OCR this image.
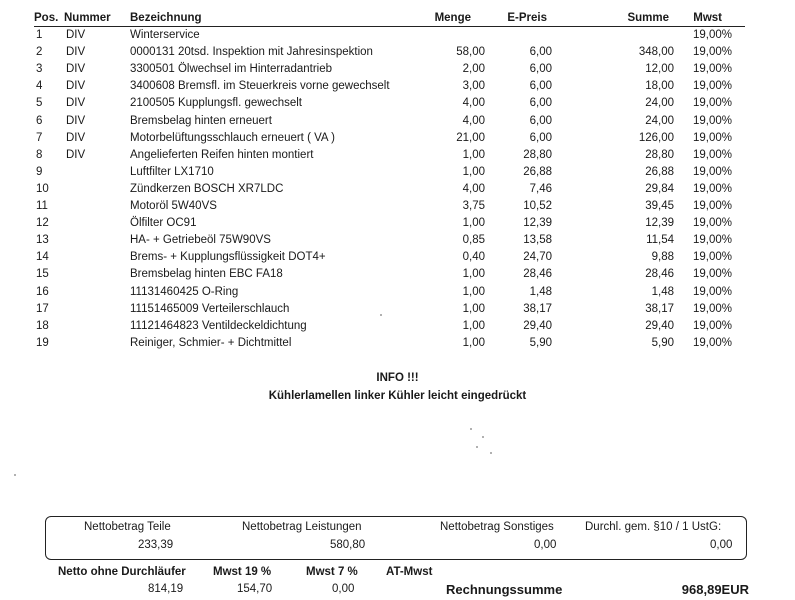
Pos. Nummer Bezeichnung	Menge	E-Preis	Summe Mwst
1 DIV	Winterservice	19,00%
2 DIV	0000131 20tsd. Inspektion mit Jahresinspektion	58,00	6,00	348,00 19,00%
3 DIV	3300501 Ölwechsel im Hinterradantrieb	2,00	6,00	12,00 19,00%
4 DIV	3400608 Bremsfl. im Steuerkreis vorne gewechselt	3,00	6,00	18,00 19,00%
5 DIV	2100505 Kupplungsfl. gewechselt	4,00	6,00	24,00 19,00%
6 DIV	Bremsbelag hinten erneuert	4,00	6,00	24,00 19,00%
7 DIV	Motorbelüftungsschlauch erneuert ( VA )	21,00	6,00	126,00 19,00%
8 DIV	Angelieferten Reifen hinten montiert	1,00	28,80	28,80 19,00%
9	Luftfilter LX1710	1,00	26,88	26,88 19,00%
10	Zündkerzen BOSCH XR7LDC	4,00	7,46	29,84 19,00%
11	Motoröl 5W40VS	3,75	10,52	39,45 19,00%
12	Ölfilter OC91	1,00	12,39	12,39 19,00%
13	HA- + Getriebeöl 75W90VS	0,85	13,58	11,54 19,00%
14	Brems- + Kupplungsflüssigkeit DOT4+	0,40	24,70	9,88 19,00%
15	Bremsbelag hinten EBC FA18	1,00	28,46	28,46 19,00%
16	11131460425 O-Ring	1,00	1,48	1,48 19,00%
17	11151465009 Verteilerschlauch	1,00	38,17	38,17 19,00%
18	11121464823 Ventildeckeldichtung	1,00	29,40	29,40 19,00%
19	Reiniger, Schmier- + Dichtmittel	1,00	5,90	5,90 19,00%
INFO !!!
Kühlerlamellen linker Kühler leicht eingedrückt
Nettobetrag Teile
233,39
Nettobetrag Leistungen
580,80
Nettobetrag Sonstiges
0,00
Durchl. gem. §10 / 1 UstG:
0,00
Netto ohne Durchläufer
814,19
Mwst 19 %
154,70
Mwst 7 %
0,00
AT-Mwst
Rechnungssumme	968,89EUR
